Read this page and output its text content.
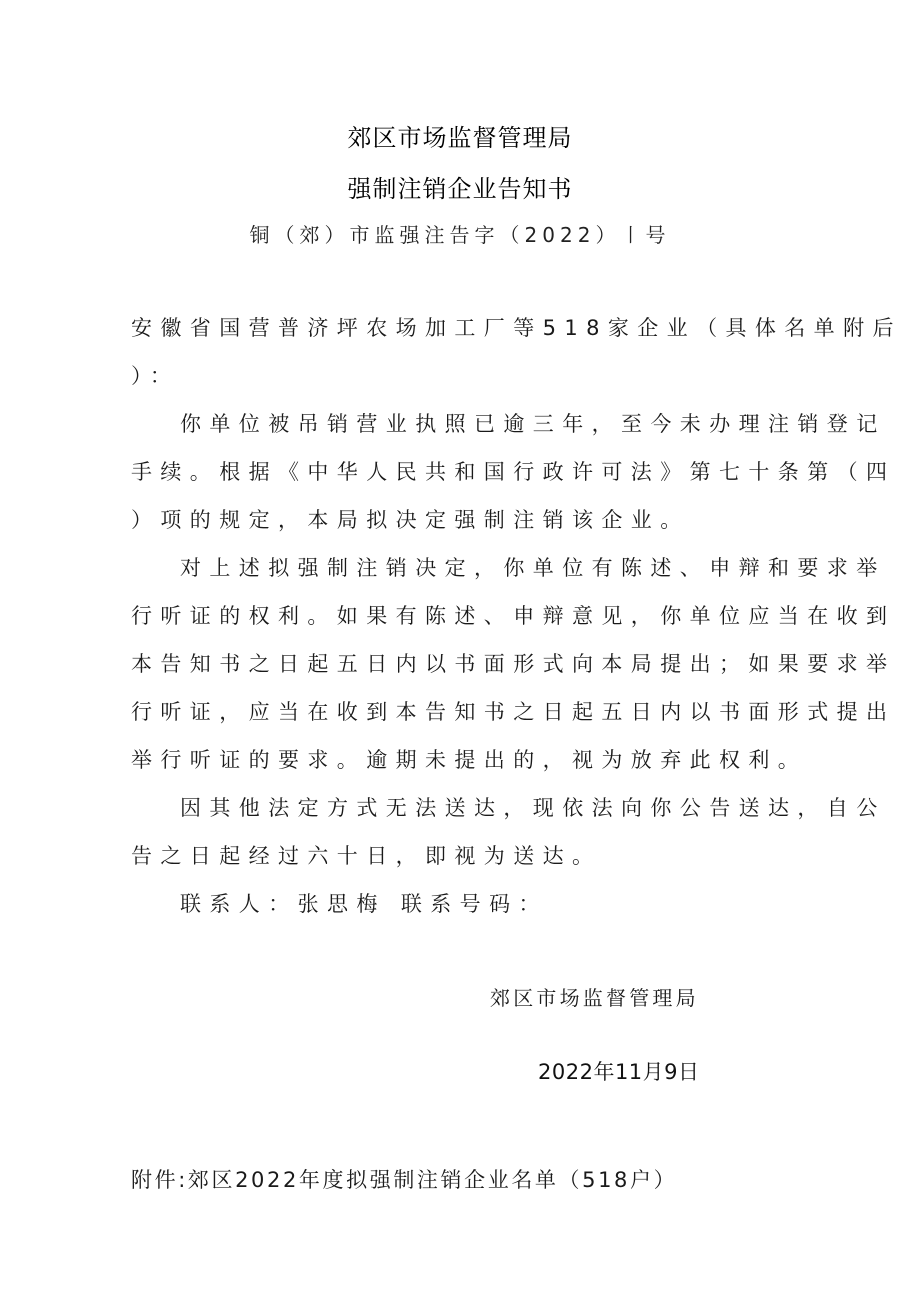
郊区市场监督管理局
强制注销企业告知书
铜（郊）市监强注告字（2022）〡号
安徽省国营普济坪农场加工厂等518家企业（具体名单附后
）：
你单位被吊销营业执照已逾三年，至今未办理注销登记
手续。根据《中华人民共和国行政许可法》第七十条第（四
）项的规定，本局拟决定强制注销该企业。
对上述拟强制注销决定，你单位有陈述、申辩和要求举
行听证的权利。如果有陈述、申辩意见，你单位应当在收到
本告知书之日起五日内以书面形式向本局提出；如果要求举
行听证，应当在收到本告知书之日起五日内以书面形式提出
举行听证的要求。逾期未提出的，视为放弃此权利。
因其他法定方式无法送达，现依法向你公告送达，自公
告之日起经过六十日，即视为送达。
联系人：张思梅 联系号码：
郊区市场监督管理局
2022年11月9日
附件:郊区2022年度拟强制注销企业名单（518户）
